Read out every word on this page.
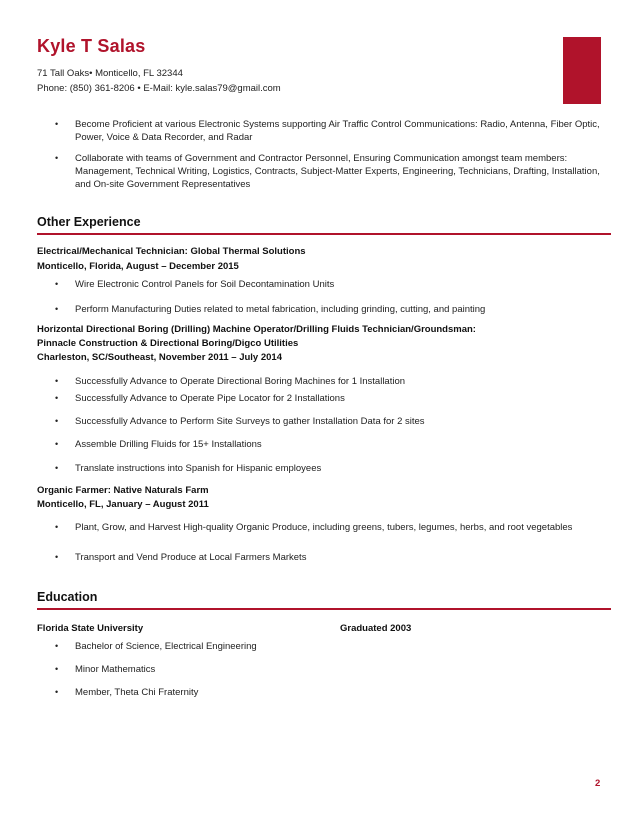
Kyle T Salas
71 Tall Oaks• Monticello, FL 32344
Phone: (850) 361-8206 • E-Mail: kyle.salas79@gmail.com
• Become Proficient at various Electronic Systems supporting Air Traffic Control Communications: Radio, Antenna, Fiber Optic, Power, Voice & Data Recorder, and Radar
• Collaborate with teams of Government and Contractor Personnel, Ensuring Communication amongst team members: Management, Technical Writing, Logistics, Contracts, Subject-Matter Experts, Engineering, Technicians, Drafting, Installation, and On-site Government Representatives
Other Experience
Electrical/Mechanical Technician: Global Thermal Solutions
Monticello, Florida, August – December 2015
• Wire Electronic Control Panels for Soil Decontamination Units
• Perform Manufacturing Duties related to metal fabrication, including grinding, cutting, and painting
Horizontal Directional Boring (Drilling) Machine Operator/Drilling Fluids Technician/Groundsman:
Pinnacle Construction & Directional Boring/Digco Utilities
Charleston, SC/Southeast, November 2011 – July 2014
• Successfully Advance to Operate Directional Boring Machines for 1 Installation
• Successfully Advance to Operate Pipe Locator for 2 Installations
• Successfully Advance to Perform Site Surveys to gather Installation Data for 2 sites
• Assemble Drilling Fluids for 15+ Installations
• Translate instructions into Spanish for Hispanic employees
Organic Farmer: Native Naturals Farm
Monticello, FL, January – August 2011
• Plant, Grow, and Harvest High-quality Organic Produce, including greens, tubers, legumes, herbs, and root vegetables
• Transport and Vend Produce at Local Farmers Markets
Education
Florida State University	Graduated 2003
• Bachelor of Science, Electrical Engineering
• Minor Mathematics
• Member, Theta Chi Fraternity
2
